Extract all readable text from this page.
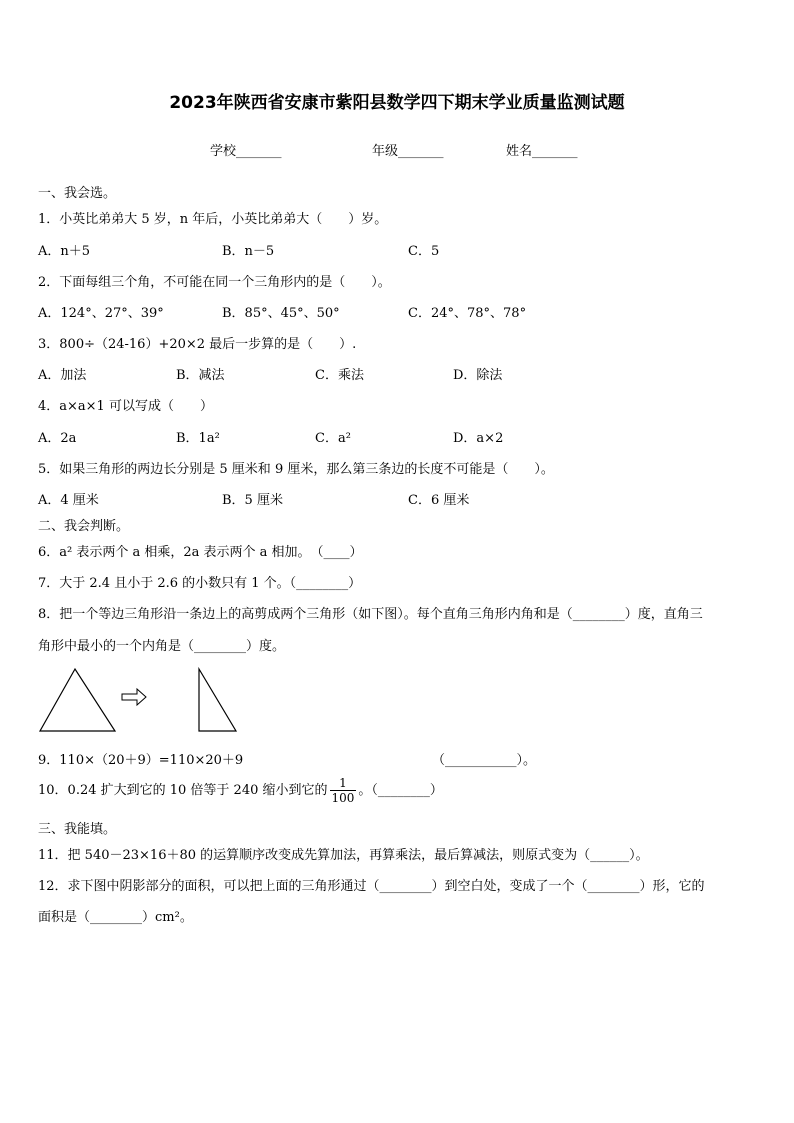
2023年陕西省安康市紫阳县数学四下期末学业质量监测试题
学校_______	年级_______	姓名_______
一、我会选。
1．小英比弟弟大 5 岁，n 年后，小英比弟弟大（　　）岁。
A．n＋5	B．n－5	C．5
2．下面每组三个角，不可能在同一个三角形内的是（　　）。
A．124°、27°、39°	B．85°、45°、50°	C．24°、78°、78°
3．800÷（24-16）+20×2 最后一步算的是（　　）.
A．加法	B．减法	C．乘法	D．除法
4．a×a×1 可以写成（　　）
A．2a	B．1a²	C．a²	D．a×2
5．如果三角形的两边长分别是 5 厘米和 9 厘米，那么第三条边的长度不可能是（　　）。
A．4 厘米	B．5 厘米	C．6 厘米
二、我会判断。
6．a² 表示两个 a 相乘，2a 表示两个 a 相加。　（____）
7．大于 2.4 且小于 2.6 的小数只有 1 个。（________）
8．把一个等边三角形沿一条边上的高剪成两个三角形（如下图）。每个直角三角形内角和是（________）度，直角三
角形中最小的一个内角是（________）度。
9．110×（20＋9）=110×20＋9	（___________）。
10．0.24 扩大到它的 10 倍等于 240 缩小到它的 $\frac{1}{100}$ 。（________）
三、我能填。
11．把 540－23×16＋80 的运算顺序改变成先算加法，再算乘法，最后算减法，则原式变为（______）。
12．求下图中阴影部分的面积，可以把上面的三角形通过（________）到空白处，变成了一个（________）形，它的
面积是（________）cm²。
